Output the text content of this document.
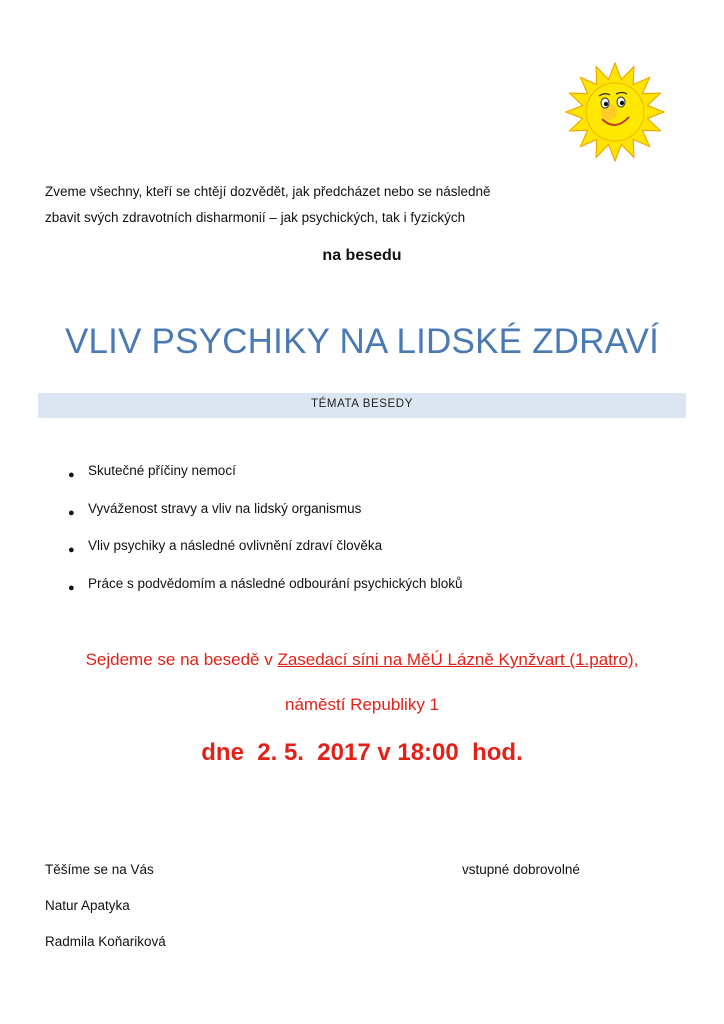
Zveme všechny, kteří se chtějí dozvědět, jak předcházet nebo se následně
zbavit svých zdravotních disharmonií – jak psychických, tak i fyzických
na besedu
VLIV PSYCHIKY NA LIDSKÉ ZDRAVÍ
TÉMATA BESEDY
● Skutečné příčiny nemocí
● Vyváženost stravy a vliv na lidský organismus
● Vliv psychiky a následné ovlivnění zdraví člověka
● Práce s podvědomím a následné odbourání psychických bloků
Sejdeme se na besedě v Zasedací síni na MěÚ Lázně Kynžvart (1.patro),
náměstí Republiky 1
dne  2. 5.  2017 v 18:00  hod.
Těšíme se na Vás	vstupné dobrovolné
Natur Apatyka
Radmila Koňariková
